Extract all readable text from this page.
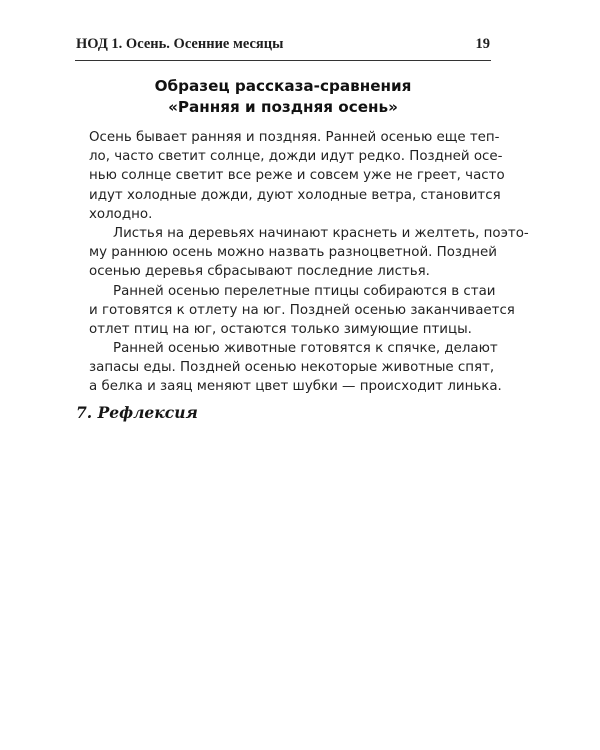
НОД 1. Осень. Осенние месяцы	19
Образец рассказа-сравнения
«Ранняя и поздняя осень»
Осень бывает ранняя и поздняя. Ранней осенью еще теп-
ло, часто светит солнце, дожди идут редко. Поздней осе-
нью солнце светит все реже и совсем уже не греет, часто
идут холодные дожди, дуют холодные ветра, становится
холодно.
Листья на деревьях начинают краснеть и желтеть, поэто-
му раннюю осень можно назвать разноцветной. Поздней
осенью деревья сбрасывают последние листья.
Ранней осенью перелетные птицы собираются в стаи
и готовятся к отлету на юг. Поздней осенью заканчивается
отлет птиц на юг, остаются только зимующие птицы.
Ранней осенью животные готовятся к спячке, делают
запасы еды. Поздней осенью некоторые животные спят,
а белка и заяц меняют цвет шубки — происходит линька.
7. Рефлексия
